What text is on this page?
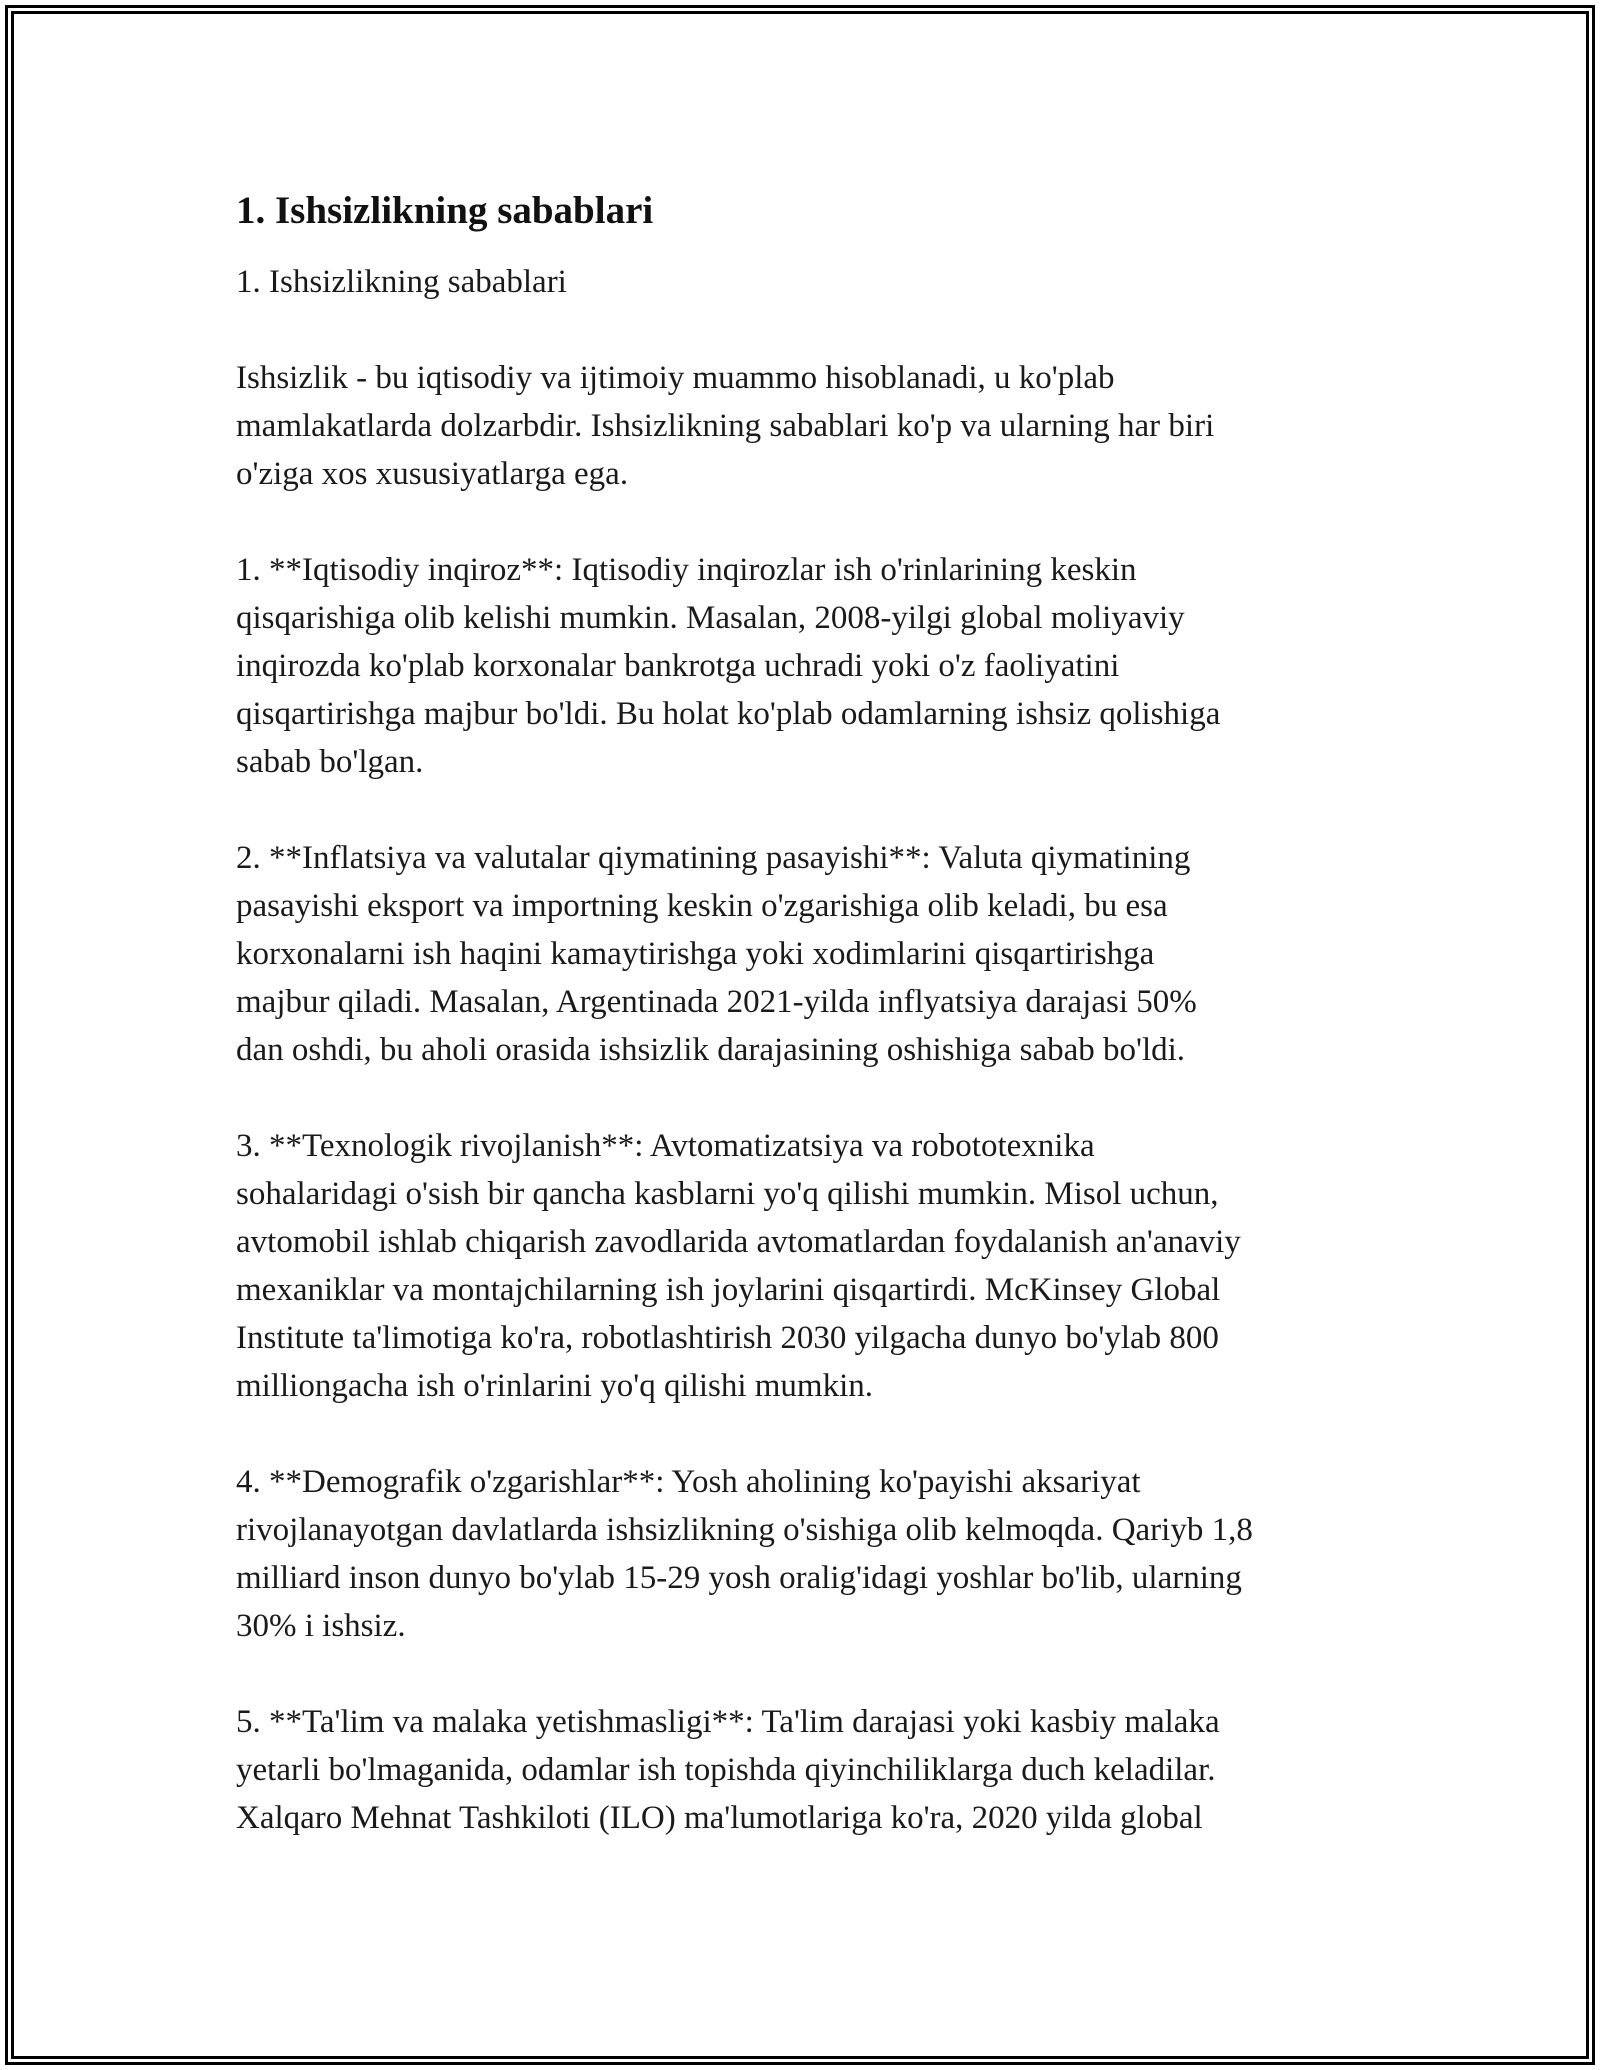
1. Ishsizlikning sabablari
1. Ishsizlikning sabablari
Ishsizlik - bu iqtisodiy va ijtimoiy muammo hisoblanadi, u ko'plab
mamlakatlarda dolzarbdir. Ishsizlikning sabablari ko'p va ularning har biri
o'ziga xos xususiyatlarga ega.
1. **Iqtisodiy inqiroz**: Iqtisodiy inqirozlar ish o'rinlarining keskin
qisqarishiga olib kelishi mumkin. Masalan, 2008-yilgi global moliyaviy
inqirozda ko'plab korxonalar bankrotga uchradi yoki o'z faoliyatini
qisqartirishga majbur bo'ldi. Bu holat ko'plab odamlarning ishsiz qolishiga
sabab bo'lgan.
2. **Inflatsiya va valutalar qiymatining pasayishi**: Valuta qiymatining
pasayishi eksport va importning keskin o'zgarishiga olib keladi, bu esa
korxonalarni ish haqini kamaytirishga yoki xodimlarini qisqartirishga
majbur qiladi. Masalan, Argentinada 2021-yilda inflyatsiya darajasi 50%
dan oshdi, bu aholi orasida ishsizlik darajasining oshishiga sabab bo'ldi.
3. **Texnologik rivojlanish**: Avtomatizatsiya va robototexnika
sohalaridagi o'sish bir qancha kasblarni yo'q qilishi mumkin. Misol uchun,
avtomobil ishlab chiqarish zavodlarida avtomatlardan foydalanish an'anaviy
mexaniklar va montajchilarning ish joylarini qisqartirdi. McKinsey Global
Institute ta'limotiga ko'ra, robotlashtirish 2030 yilgacha dunyo bo'ylab 800
milliongacha ish o'rinlarini yo'q qilishi mumkin.
4. **Demografik o'zgarishlar**: Yosh aholining ko'payishi aksariyat
rivojlanayotgan davlatlarda ishsizlikning o'sishiga olib kelmoqda. Qariyb 1,8
milliard inson dunyo bo'ylab 15-29 yosh oralig'idagi yoshlar bo'lib, ularning
30% i ishsiz.
5. **Ta'lim va malaka yetishmasligi**: Ta'lim darajasi yoki kasbiy malaka
yetarli bo'lmaganida, odamlar ish topishda qiyinchiliklarga duch keladilar.
Xalqaro Mehnat Tashkiloti (ILO) ma'lumotlariga ko'ra, 2020 yilda global
